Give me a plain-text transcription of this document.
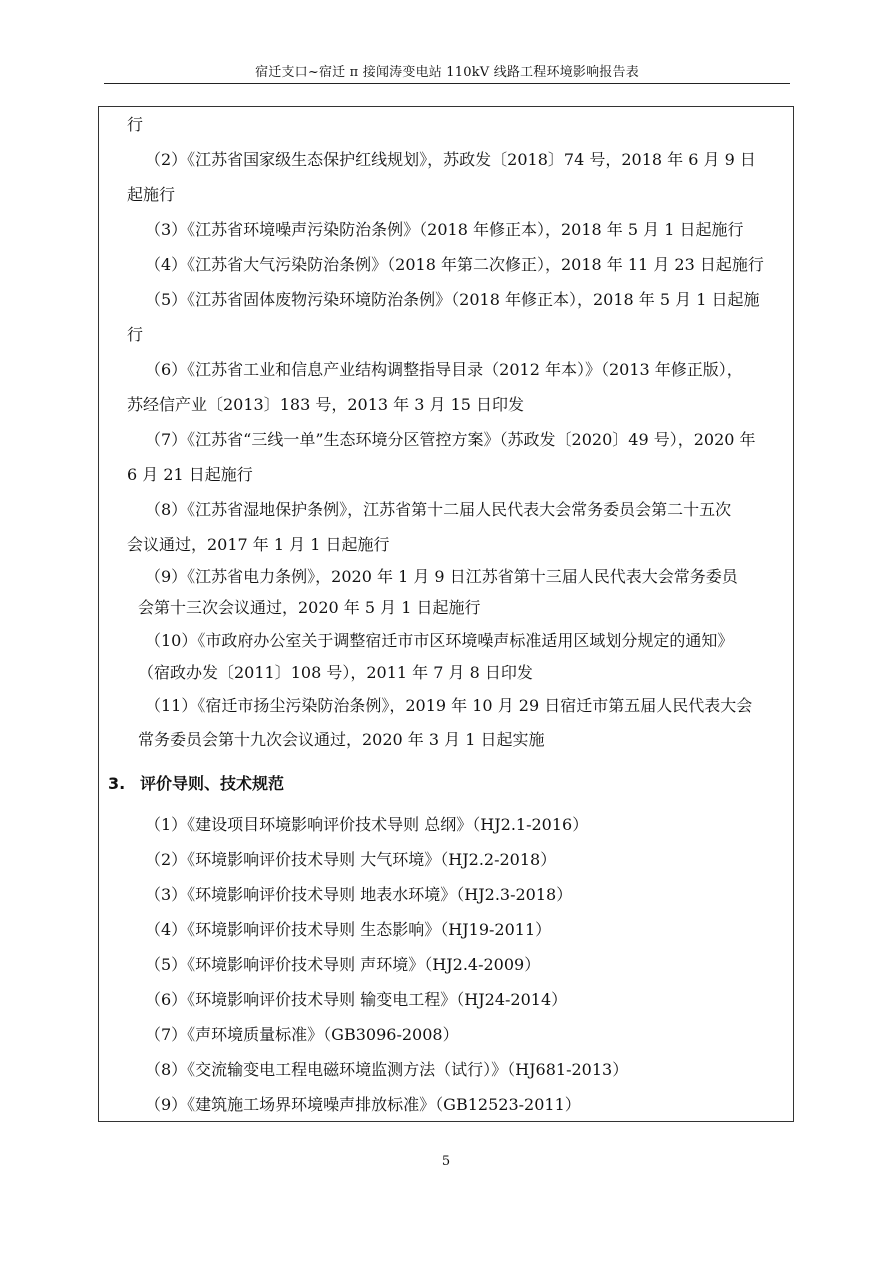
宿迁支口~宿迁 π 接闻涛变电站 110kV 线路工程环境影响报告表
行
（2）《江苏省国家级生态保护红线规划》，苏政发〔2018〕74 号，2018 年 6 月 9 日
起施行
（3）《江苏省环境噪声污染防治条例》（2018 年修正本），2018 年 5 月 1 日起施行
（4）《江苏省大气污染防治条例》（2018 年第二次修正），2018 年 11 月 23 日起施行
（5）《江苏省固体废物污染环境防治条例》（2018 年修正本），2018 年 5 月 1 日起施
行
（6）《江苏省工业和信息产业结构调整指导目录（2012 年本）》（2013 年修正版），
苏经信产业〔2013〕183 号，2013 年 3 月 15 日印发
（7）《江苏省“三线一单”生态环境分区管控方案》（苏政发〔2020〕49 号），2020 年
6 月 21 日起施行
（8）《江苏省湿地保护条例》，江苏省第十二届人民代表大会常务委员会第二十五次
会议通过，2017 年 1 月 1 日起施行
（9）《江苏省电力条例》，2020 年 1 月 9 日江苏省第十三届人民代表大会常务委员
会第十三次会议通过，2020 年 5 月 1 日起施行
（10）《市政府办公室关于调整宿迁市市区环境噪声标准适用区域划分规定的通知》
（宿政办发〔2011〕108 号），2011 年 7 月 8 日印发
（11）《宿迁市扬尘污染防治条例》，2019 年 10 月 29 日宿迁市第五届人民代表大会
常务委员会第十九次会议通过，2020 年 3 月 1 日起实施
3. 评价导则、技术规范
（1）《建设项目环境影响评价技术导则 总纲》（HJ2.1-2016）
（2）《环境影响评价技术导则 大气环境》（HJ2.2-2018）
（3）《环境影响评价技术导则 地表水环境》（HJ2.3-2018）
（4）《环境影响评价技术导则 生态影响》（HJ19-2011）
（5）《环境影响评价技术导则 声环境》（HJ2.4-2009）
（6）《环境影响评价技术导则 输变电工程》（HJ24-2014）
（7）《声环境质量标准》（GB3096-2008）
（8）《交流输变电工程电磁环境监测方法（试行）》（HJ681-2013）
（9）《建筑施工场界环境噪声排放标准》（GB12523-2011）
5
